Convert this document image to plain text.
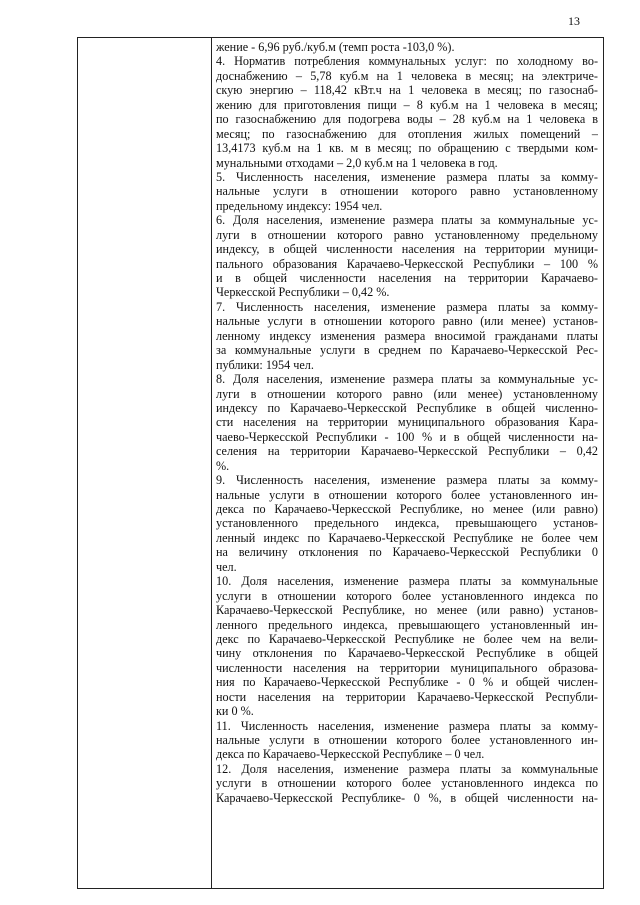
13
жение - 6,96 руб./куб.м (темп роста -103,0 %).
4. Норматив потребления коммунальных услуг: по холодному во-
доснабжению – 5,78 куб.м на 1 человека в месяц; на электриче-
скую энергию – 118,42 кВт.ч на 1 человека в месяц; по газоснаб-
жению для приготовления пищи – 8 куб.м на 1 человека в месяц;
по газоснабжению для подогрева воды – 28 куб.м на 1 человека в
месяц; по газоснабжению для отопления жилых помещений –
13,4173 куб.м на 1 кв. м в месяц; по обращению с твердыми ком-
мунальными отходами – 2,0 куб.м на 1 человека в год.
5. Численность населения, изменение размера платы за комму-
нальные услуги в отношении которого равно установленному
предельному индексу: 1954 чел.
6. Доля населения, изменение размера платы за коммунальные ус-
луги в отношении которого равно установленному предельному
индексу, в общей численности населения на территории муници-
пального образования Карачаево-Черкесской Республики – 100 %
и в общей численности населения на территории Карачаево-
Черкесской Республики – 0,42 %.
7. Численность населения, изменение размера платы за комму-
нальные услуги в отношении которого равно (или менее) установ-
ленному индексу изменения размера вносимой гражданами платы
за коммунальные услуги в среднем по Карачаево-Черкесской Рес-
публики: 1954 чел.
8. Доля населения, изменение размера платы за коммунальные ус-
луги в отношении которого равно (или менее) установленному
индексу по Карачаево-Черкесской Республике в общей численно-
сти населения на территории муниципального образования Кара-
чаево-Черкесской Республики - 100 % и в общей численности на-
селения на территории Карачаево-Черкесской Республики – 0,42
%.
9. Численность населения, изменение размера платы за комму-
нальные услуги в отношении которого более установленного ин-
декса по Карачаево-Черкесской Республике, но менее (или равно)
установленного предельного индекса, превышающего установ-
ленный индекс по Карачаево-Черкесской Республике не более чем
на величину отклонения по Карачаево-Черкесской Республики 0
чел.
10. Доля населения, изменение размера платы за коммунальные
услуги в отношении которого более установленного индекса по
Карачаево-Черкесской Республике, но менее (или равно) установ-
ленного предельного индекса, превышающего установленный ин-
декс по Карачаево-Черкесской Республике не более чем на вели-
чину отклонения по Карачаево-Черкесской Республике в общей
численности населения на территории муниципального образова-
ния по Карачаево-Черкесской Республике - 0 % и общей числен-
ности населения на территории Карачаево-Черкесской Республи-
ки 0 %.
11. Численность населения, изменение размера платы за комму-
нальные услуги в отношении которого более установленного ин-
декса по Карачаево-Черкесской Республике – 0 чел.
12. Доля населения, изменение размера платы за коммунальные
услуги в отношении которого более установленного индекса по
Карачаево-Черкесской Республике- 0 %, в общей численности на-
